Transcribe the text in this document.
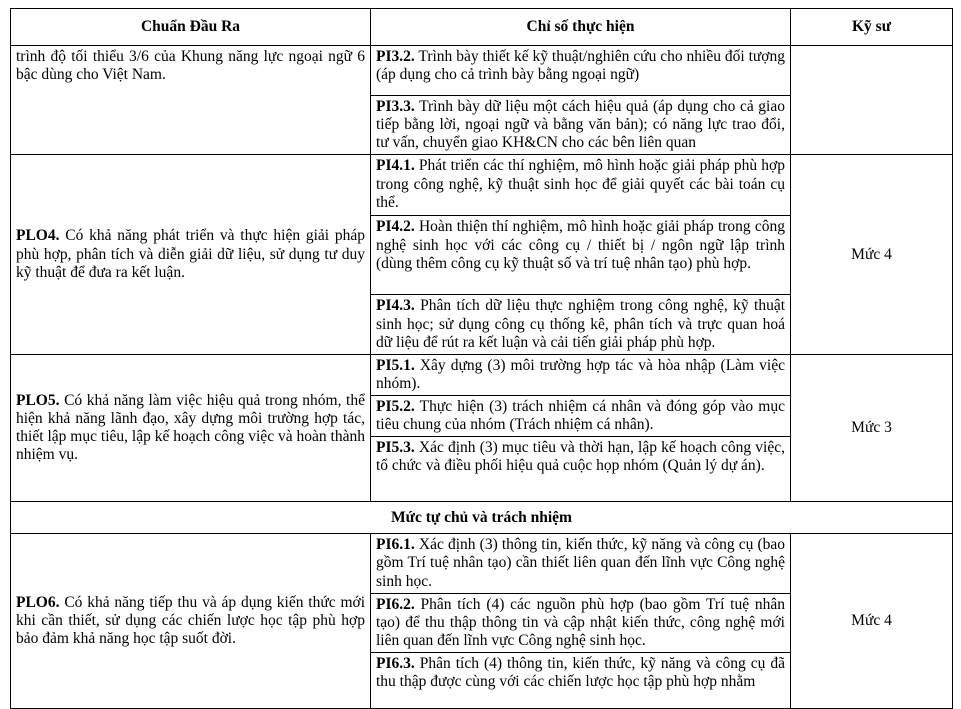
Chuẩn Đầu Ra	Chỉ số thực hiện	Kỹ sư
trình độ tối thiểu 3/6 của Khung năng lực ngoại ngữ 6 bậc dùng cho Việt Nam.	PI3.2. Trình bày thiết kế kỹ thuật/nghiên cứu cho nhiều đối tượng (áp dụng cho cả trình bày bằng ngoại ngữ)	
	PI3.3. Trình bày dữ liệu một cách hiệu quả (áp dụng cho cả giao tiếp bằng lời, ngoại ngữ và bằng văn bản); có năng lực trao đổi, tư vấn, chuyển giao KH&CN cho các bên liên quan	
PLO4. Có khả năng phát triển và thực hiện giải pháp phù hợp, phân tích và diễn giải dữ liệu, sử dụng tư duy kỹ thuật để đưa ra kết luận.	PI4.1. Phát triển các thí nghiệm, mô hình hoặc giải pháp phù hợp trong công nghệ, kỹ thuật sinh học để giải quyết các bài toán cụ thể.	Mức 4
	PI4.2. Hoàn thiện thí nghiệm, mô hình hoặc giải pháp trong công nghệ sinh học với các công cụ / thiết bị / ngôn ngữ lập trình (dùng thêm công cụ kỹ thuật số và trí tuệ nhân tạo) phù hợp.	
	PI4.3. Phân tích dữ liệu thực nghiệm trong công nghệ, kỹ thuật sinh học; sử dụng công cụ thống kê, phân tích và trực quan hoá dữ liệu để rút ra kết luận và cải tiến giải pháp phù hợp.	
PLO5. Có khả năng làm việc hiệu quả trong nhóm, thể hiện khả năng lãnh đạo, xây dựng môi trường hợp tác, thiết lập mục tiêu, lập kế hoạch công việc và hoàn thành nhiệm vụ.	PI5.1. Xây dựng (3) môi trường hợp tác và hòa nhập (Làm việc nhóm).	Mức 3
	PI5.2. Thực hiện (3) trách nhiệm cá nhân và đóng góp vào mục tiêu chung của nhóm (Trách nhiệm cá nhân).	
	PI5.3. Xác định (3) mục tiêu và thời hạn, lập kế hoạch công việc, tổ chức và điều phối hiệu quả cuộc họp nhóm (Quản lý dự án).	
Mức tự chủ và trách nhiệm		
PLO6. Có khả năng tiếp thu và áp dụng kiến thức mới khi cần thiết, sử dụng các chiến lược học tập phù hợp bảo đảm khả năng học tập suốt đời.	PI6.1. Xác định (3) thông tin, kiến thức, kỹ năng và công cụ (bao gồm Trí tuệ nhân tạo) cần thiết liên quan đến lĩnh vực Công nghệ sinh học.	Mức 4
	PI6.2. Phân tích (4) các nguồn phù hợp (bao gồm Trí tuệ nhân tạo) để thu thập thông tin và cập nhật kiến thức, công nghệ mới liên quan đến lĩnh vực Công nghệ sinh học.	
	PI6.3. Phân tích (4) thông tin, kiến thức, kỹ năng và công cụ đã thu thập được cùng với các chiến lược học tập phù hợp nhằm	
